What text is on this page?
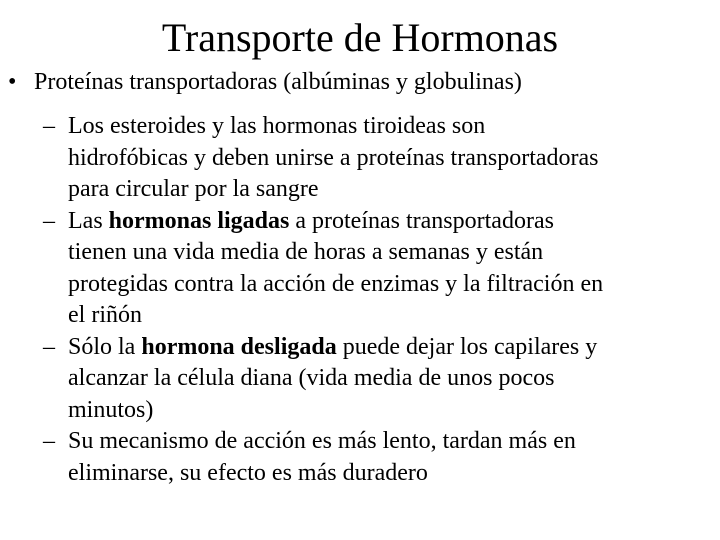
Transporte de Hormonas
• Proteínas transportadoras (albúminas y globulinas)
– Los esteroides y las hormonas tiroideas son
hidrofóbicas y deben unirse a proteínas transportadoras
para circular por la sangre
– Las hormonas ligadas a proteínas transportadoras
tienen una vida media de horas a semanas y están
protegidas contra la acción de enzimas y la filtración en
el riñón
– Sólo la hormona desligada puede dejar los capilares y
alcanzar la célula diana (vida media de unos pocos
minutos)
– Su mecanismo de acción es más lento, tardan más en
eliminarse, su efecto es más duradero
